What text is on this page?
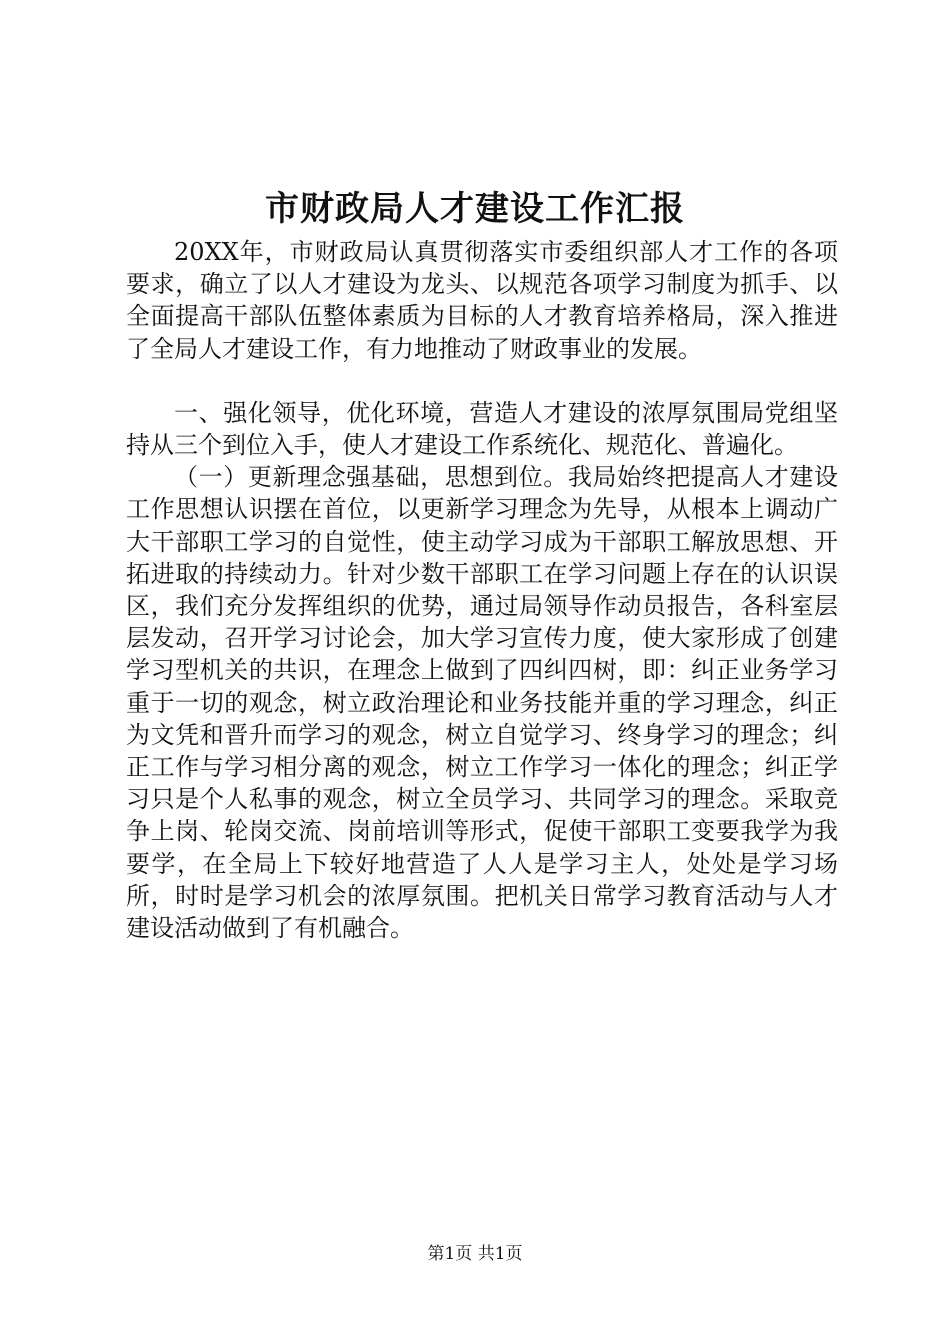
市财政局人才建设工作汇报

20XX年，市财政局认真贯彻落实市委组织部人才工作的各项要求，确立了以人才建设为龙头、以规范各项学习制度为抓手、以全面提高干部队伍整体素质为目标的人才教育培养格局，深入推进了全局人才建设工作，有力地推动了财政事业的发展。

一、强化领导，优化环境，营造人才建设的浓厚氛围局党组坚持从三个到位入手，使人才建设工作系统化、规范化、普遍化。

（一）更新理念强基础，思想到位。我局始终把提高人才建设工作思想认识摆在首位，以更新学习理念为先导，从根本上调动广大干部职工学习的自觉性，使主动学习成为干部职工解放思想、开拓进取的持续动力。针对少数干部职工在学习问题上存在的认识误区，我们充分发挥组织的优势，通过局领导作动员报告，各科室层层发动，召开学习讨论会，加大学习宣传力度，使大家形成了创建学习型机关的共识，在理念上做到了四纠四树，即：纠正业务学习重于一切的观念，树立政治理论和业务技能并重的学习理念，纠正为文凭和晋升而学习的观念，树立自觉学习、终身学习的理念；纠正工作与学习相分离的观念，树立工作学习一体化的理念；纠正学习只是个人私事的观念，树立全员学习、共同学习的理念。采取竞争上岗、轮岗交流、岗前培训等形式，促使干部职工变要我学为我要学，在全局上下较好地营造了人人是学习主人，处处是学习场所，时时是学习机会的浓厚氛围。把机关日常学习教育活动与人才建设活动做到了有机融合。

第1页 共1页
